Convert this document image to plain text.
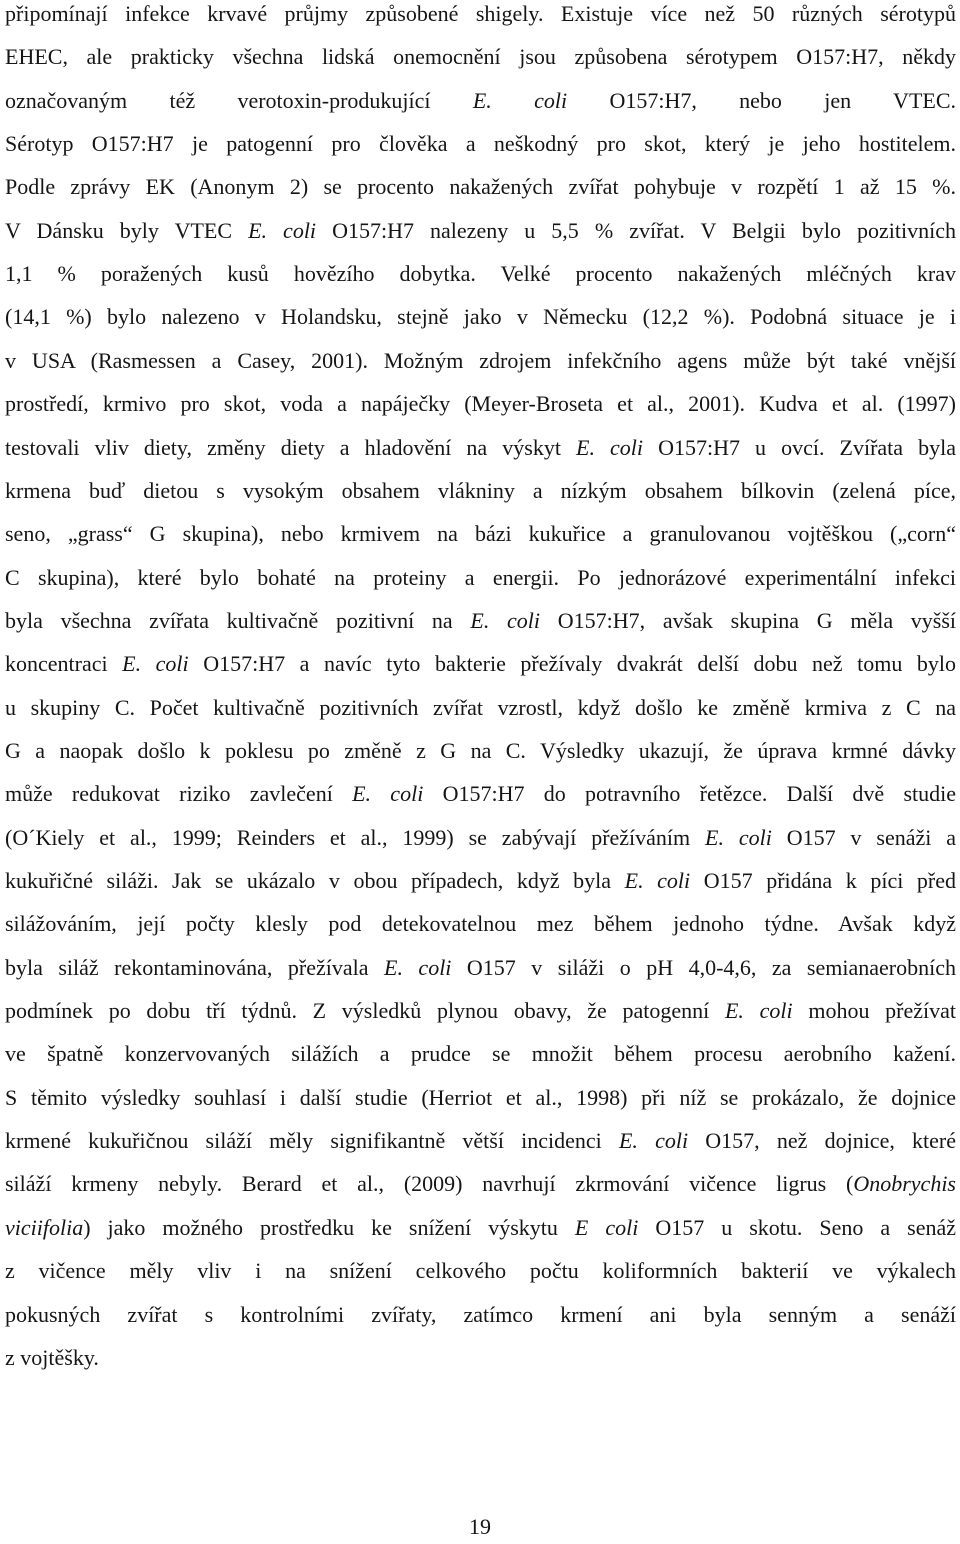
připomínají infekce krvavé průjmy způsobené shigely. Existuje více než 50 různých sérotypů
EHEC, ale prakticky všechna lidská onemocnění jsou způsobena sérotypem O157:H7, někdy
označovaným též verotoxin-produkující E. coli O157:H7, nebo jen VTEC.
Sérotyp O157:H7 je patogenní pro člověka a neškodný pro skot, který je jeho hostitelem.
Podle zprávy EK (Anonym 2) se procento nakažených zvířat pohybuje v rozpětí 1 až 15 %.
V Dánsku byly VTEC E. coli O157:H7 nalezeny u 5,5 % zvířat. V Belgii bylo pozitivních
1,1 % poražených kusů hovězího dobytka. Velké procento nakažených mléčných krav
(14,1 %) bylo nalezeno v Holandsku, stejně jako v Německu (12,2 %). Podobná situace je i
v USA (Rasmessen a Casey, 2001). Možným zdrojem infekčního agens může být také vnější
prostředí, krmivo pro skot, voda a napáječky (Meyer-Broseta et al., 2001). Kudva et al. (1997)
testovali vliv diety, změny diety a hladovění na výskyt E. coli O157:H7 u ovcí. Zvířata byla
krmena buď dietou s vysokým obsahem vlákniny a nízkým obsahem bílkovin (zelená píce,
seno, „grass“ G skupina), nebo krmivem na bázi kukuřice a granulovanou vojtěškou („corn“
C skupina), které bylo bohaté na proteiny a energii. Po jednorázové experimentální infekci
byla všechna zvířata kultivačně pozitivní na E. coli O157:H7, avšak skupina G měla vyšší
koncentraci E. coli O157:H7 a navíc tyto bakterie přežívaly dvakrát delší dobu než tomu bylo
u skupiny C. Počet kultivačně pozitivních zvířat vzrostl, když došlo ke změně krmiva z C na
G a naopak došlo k poklesu po změně z G na C. Výsledky ukazují, že úprava krmné dávky
může redukovat riziko zavlečení E. coli O157:H7 do potravního řetězce. Další dvě studie
(O´Kiely et al., 1999; Reinders et al., 1999) se zabývají přežíváním E. coli O157 v senáži a
kukuřičné siláži. Jak se ukázalo v obou případech, když byla E. coli O157 přidána k píci před
silážováním, její počty klesly pod detekovatelnou mez během jednoho týdne. Avšak když
byla siláž rekontaminována, přežívala E. coli O157 v siláži o pH 4,0-4,6, za semianaerobních
podmínek po dobu tří týdnů. Z výsledků plynou obavy, že patogenní E. coli mohou přežívat
ve špatně konzervovaných silážích a prudce se množit během procesu aerobního kažení.
S těmito výsledky souhlasí i další studie (Herriot et al., 1998) při níž se prokázalo, že dojnice
krmené kukuřičnou siláží měly signifikantně větší incidenci E. coli O157, než dojnice, které
siláží krmeny nebyly. Berard et al., (2009) navrhují zkrmování vičence ligrus (Onobrychis
viciifolia) jako možného prostředku ke snížení výskytu E coli O157 u skotu. Seno a senáž
z vičence měly vliv i na snížení celkového počtu koliformních bakterií ve výkalech
pokusných zvířat s kontrolními zvířaty, zatímco krmení ani byla senným a senáží
z vojtěšky.
19
